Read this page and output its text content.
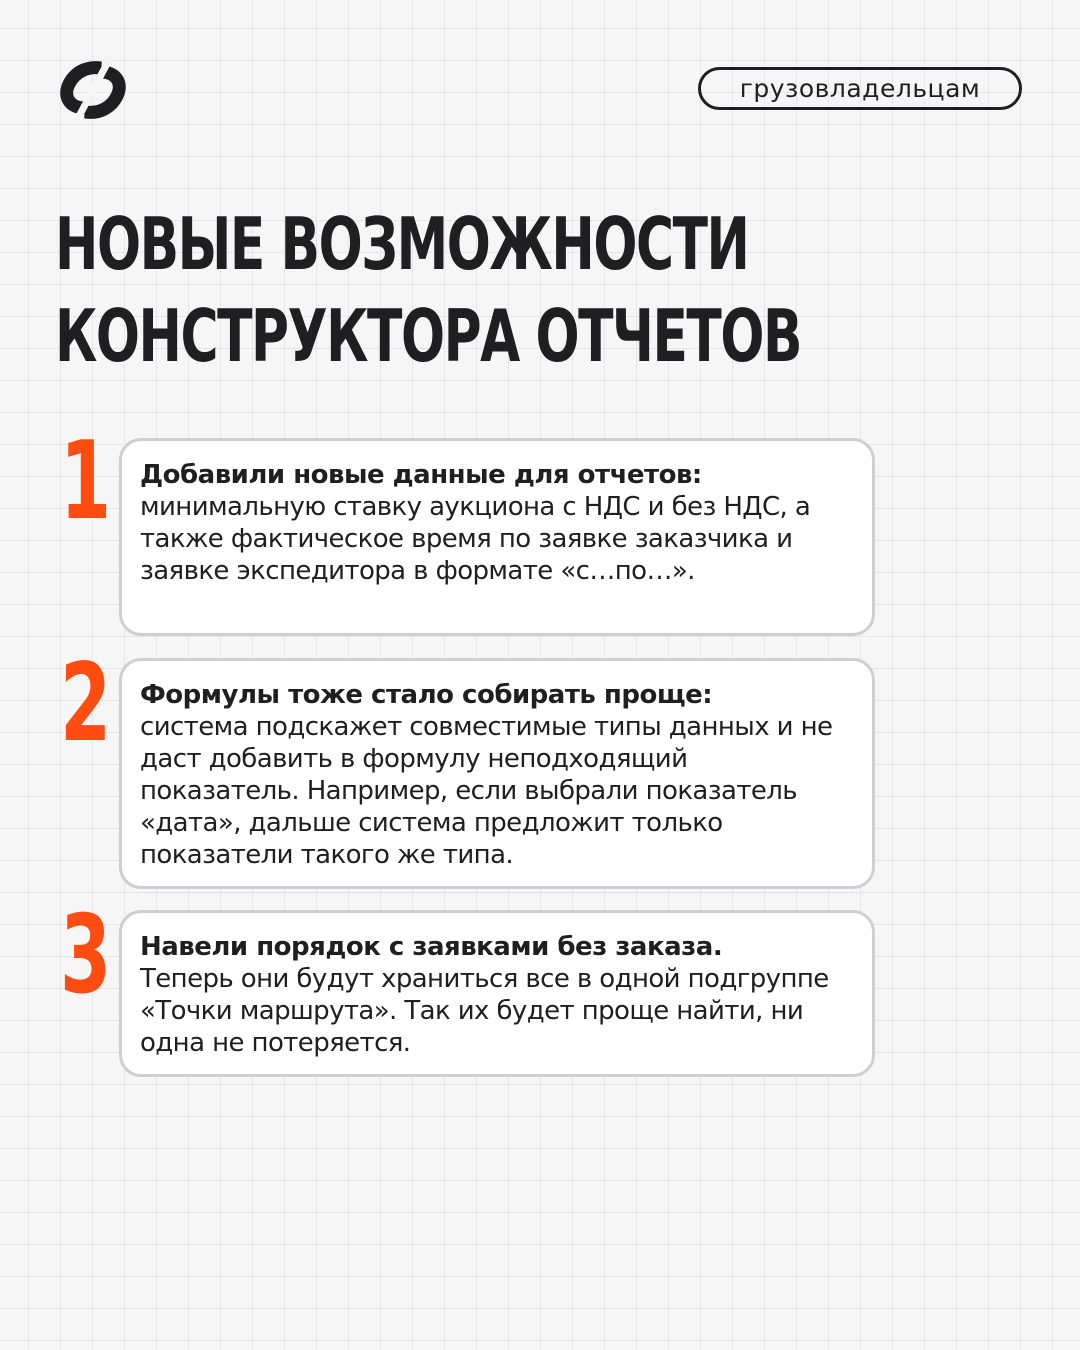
грузовладельцам
НОВЫЕ ВОЗМОЖНОСТИ
КОНСТРУКТОРА ОТЧЕТОВ
1 Добавили новые данные для отчетов:
минимальную ставку аукциона с НДС и без НДС, а также фактическое время по заявке заказчика и заявке экспедитора в формате «с…по…».
2 Формулы тоже стало собирать проще:
система подскажет совместимые типы данных и не даст добавить в формулу неподходящий показатель. Например, если выбрали показатель «дата», дальше система предложит только показатели такого же типа.
3 Навели порядок с заявками без заказа.
Теперь они будут храниться все в одной подгруппе «Точки маршрута». Так их будет проще найти, ни одна не потеряется.
